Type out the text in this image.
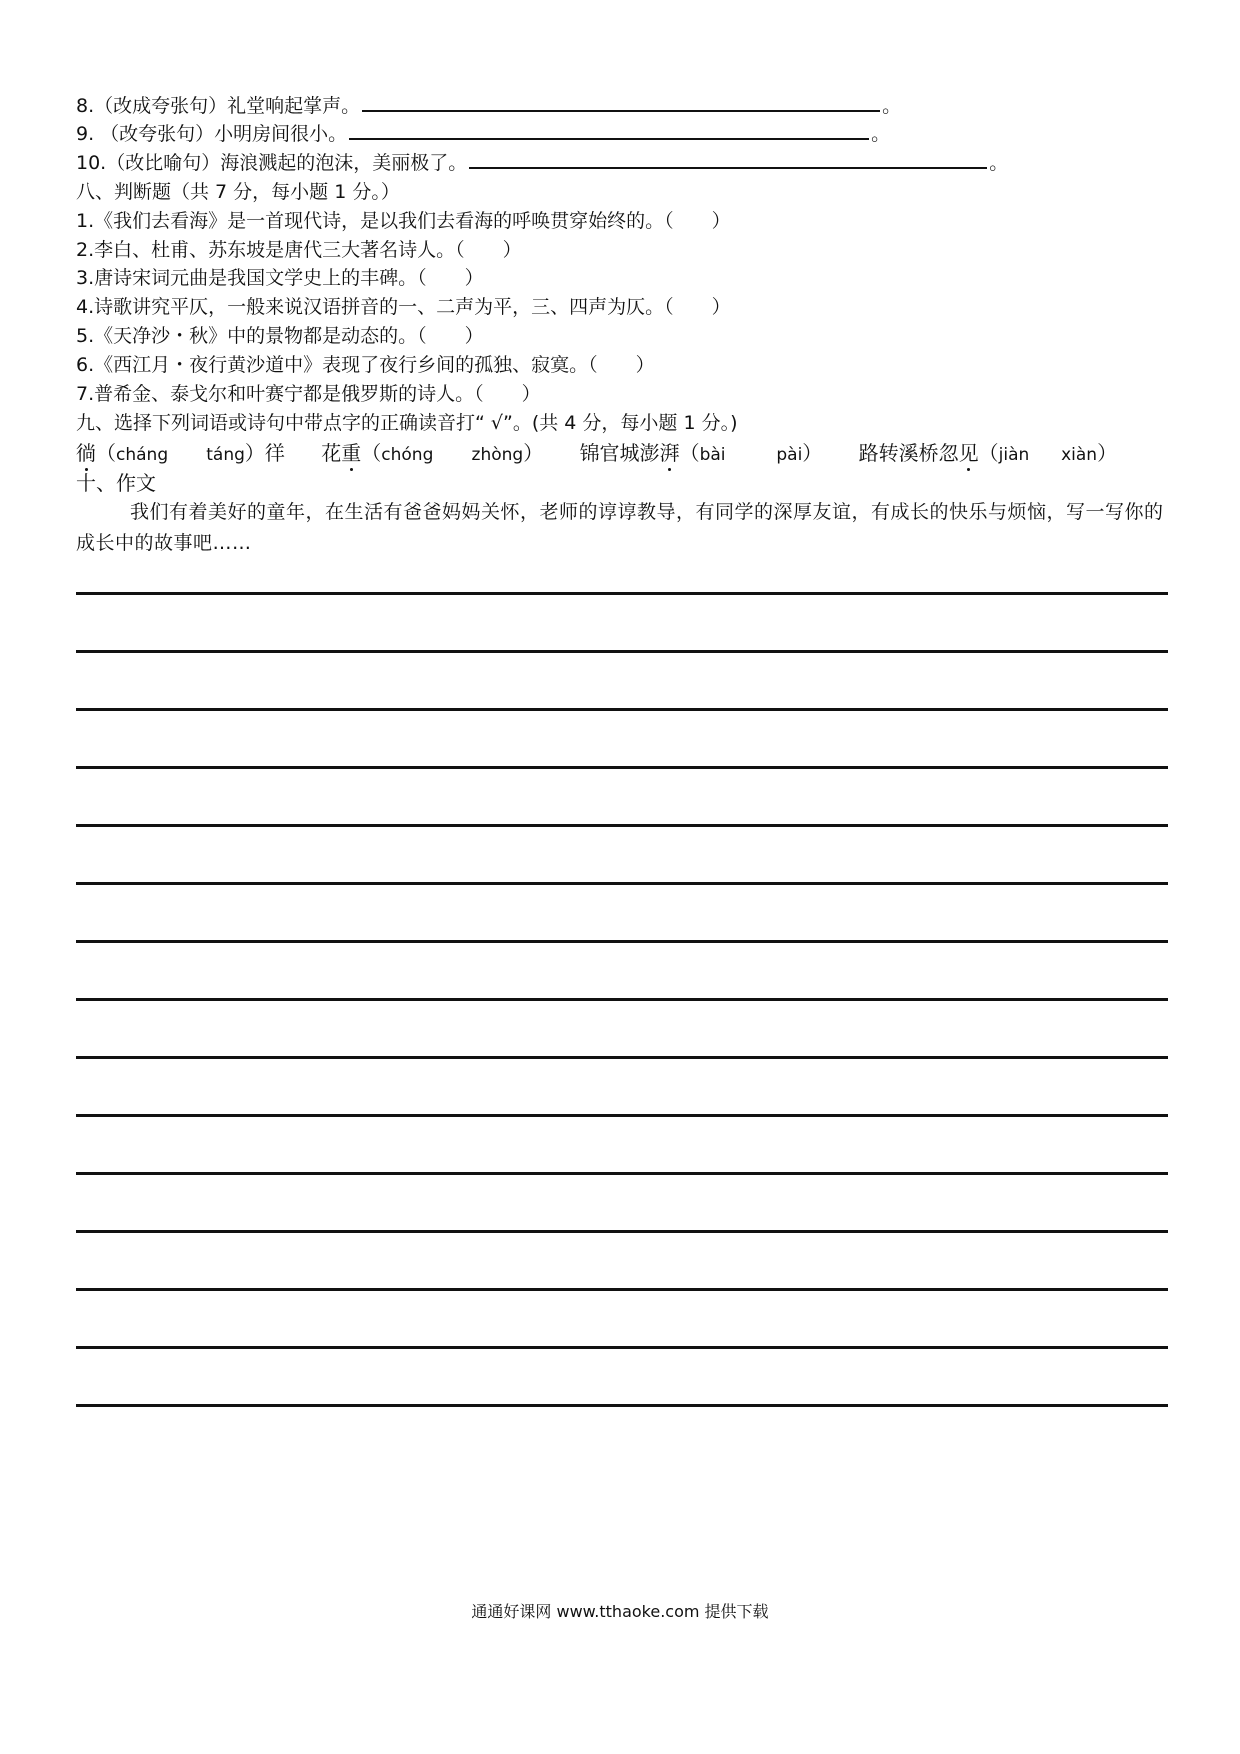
8.（改成夸张句）礼堂响起掌声。	。
9. （改夸张句）小明房间很小。	。
10.（改比喻句）海浪溅起的泡沫，美丽极了。	。
八、判断题（共 7 分，每小题 1 分。）
1.《我们去看海》是一首现代诗，是以我们去看海的呼唤贯穿始终的。（　　）
2.李白、杜甫、苏东坡是唐代三大著名诗人。（　　）
3.唐诗宋词元曲是我国文学史上的丰碑。（　　）
4.诗歌讲究平仄，一般来说汉语拼音的一、二声为平，三、四声为仄。（　　）
5.《天净沙・秋》中的景物都是动态的。（　　）
6.《西江月・夜行黄沙道中》表现了夜行乡间的孤独、寂寞。（　　）
7.普希金、泰戈尔和叶赛宁都是俄罗斯的诗人。（　　）
九、选择下列词语或诗句中带点字的正确读音打“ √”。(共 4 分，每小题 1 分。)
徜（cháng táng）徉 花重（chóng zhòng） 锦官城澎湃（bài	pài） 路转溪桥忽见（jiàn xiàn）
十、作文
我们有着美好的童年，在生活有爸爸妈妈关怀，老师的谆谆教导，有同学的深厚友谊，有成长的快乐与烦恼，写一写你的成长中的故事吧……
通通好课网 www.tthaoke.com 提供下载
